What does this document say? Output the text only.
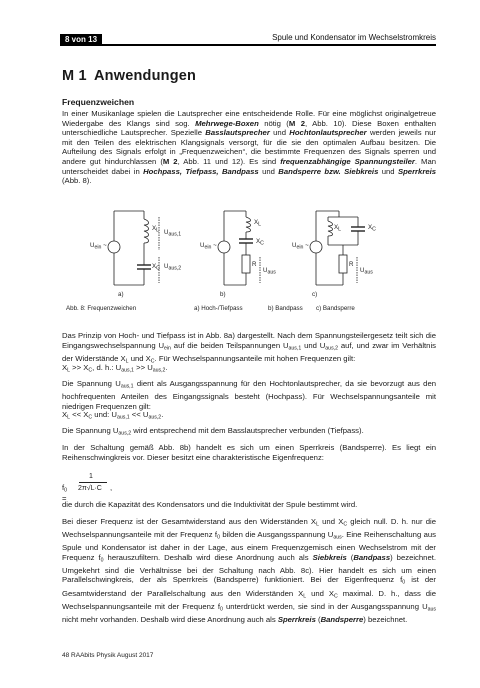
8 von 13	Spule und Kondensator im Wechselstromkreis
M 1 Anwendungen
Frequenzweichen

In einer Musikanlage spielen die Lautsprecher eine entscheidende Rolle. Für eine möglichst originalgetreue Wiedergabe des Klangs sind sog. Mehrwege-Boxen nötig (M 2, Abb. 10). Diese Boxen enthalten unterschiedliche Lautsprecher. Spezielle Basslautsprecher und Hochtonlautsprecher werden jeweils nur mit den Teilen des elektrischen Klangsignals versorgt, für die sie den optimalen Aufbau besitzen. Die Aufteilung des Signals erfolgt in „Frequenzweichen“, die bestimmte Frequenzen des Signals sperren und andere gut hindurchlassen (M 2, Abb. 11 und 12). Es sind frequenzabhängige Spannungsteiler. Man unterscheidet dabei in Hochpass, Tiefpass, Bandpass und Bandsperre bzw. Siebkreis und Sperrkreis (Abb. 8).

$U_{ein}$ ~
$X_L$ $U_{aus,1}$
$X_C$ $U_{aus,2}$
a)
$U_{ein}$ ~
$X_L$
$X_C$
R
$U_{aus}$
b)
$U_{ein}$ ~
$X_L$	$X_C$
R
$U_{aus}$
c)
Abb. 8: Frequenzweichen	a) Hoch-/Tiefpass	b) Bandpass c) Bandsperre

Das Prinzip von Hoch- und Tiefpass ist in Abb. 8a) dargestellt. Nach dem Spannungsteilergesetz teilt sich die Eingangswechselspannung $U_{ein}$ auf die beiden Teilspannungen $U_{aus,1}$ und $U_{aus,2}$ auf, und zwar im Verhältnis der Widerstände $X_L$ und $X_C$. Für Wechselspannungsanteile mit hohen Frequenzen gilt:

$X_L >> X_C$, d. h.: $U_{aus,1} >> U_{aus,2}$.

Die Spannung $U_{aus,1}$ dient als Ausgangsspannung für den Hochtonlautsprecher, da sie bevorzugt aus den hochfrequenten Anteilen des Eingangssignals besteht (Hochpass). Für Wechselspannungsanteile mit niedrigen Frequenzen gilt:

$X_L << X_C$ und: $U_{aus,1} << U_{aus,2}$.

Die Spannung $U_{aus,2}$ wird entsprechend mit dem Basslautsprecher verbunden (Tiefpass).

In der Schaltung gemäß Abb. 8b) handelt es sich um einen Sperrkreis (Bandsperre). Es liegt ein Reihenschwingkreis vor. Dieser besitzt eine charakteristische Eigenfrequenz:

$f_0$ =
1
2π√L·C ,

die durch die Kapazität des Kondensators und die Induktivität der Spule bestimmt wird.

Bei dieser Frequenz ist der Gesamtwiderstand aus den Widerständen $X_L$ und $X_C$ gleich null. D. h. nur die Wechselspannungsanteile mit der Frequenz $f_0$ bilden die Ausgangsspannung $U_{aus}$. Eine Reihenschaltung aus Spule und Kondensator ist daher in der Lage, aus einem Frequenzgemisch einen Wechselstrom mit der Frequenz $f_0$ herauszufiltern. Deshalb wird diese Anordnung auch als Siebkreis (Bandpass) bezeichnet. Umgekehrt sind die Verhältnisse bei der Schaltung nach Abb. 8c). Hier handelt es sich um einen Parallelschwingkreis, der als Sperrkreis (Bandsperre) funktioniert. Bei der Eigenfrequenz $f_0$ ist der Gesamtwiderstand der Parallelschaltung aus den Widerständen $X_L$ und $X_C$ maximal. D. h., dass die Wechselspannungsanteile mit der Frequenz $f_0$ unterdrückt werden, sie sind in der Ausgangsspannung $U_{aus}$ nicht mehr vorhanden. Deshalb wird diese Anordnung auch als Sperrkreis (Bandsperre) bezeichnet.

48 RAAbits Physik August 2017
